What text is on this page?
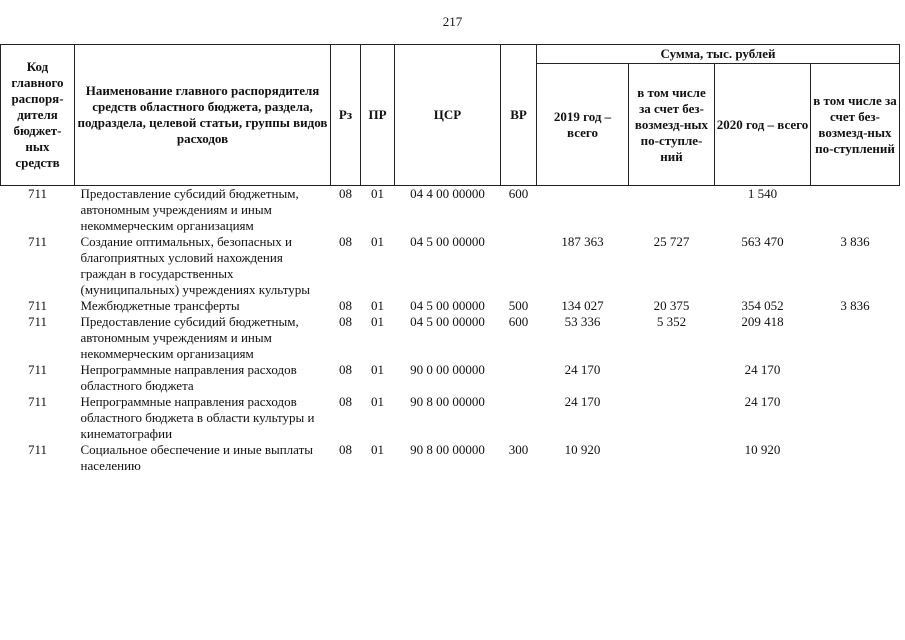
217
Код главного распоря-дителя бюджет-ных средств	Наименование главного распорядителя средств областного бюджета, раздела, подраздела, целевой статьи, группы видов расходов	Рз	ПР	ЦСР	ВР	Сумма, тыс. рублей			
						2019 год – всего	в том числе за счет без-возмезд-ных по-ступле-ний	2020 год – всего	в том числе за счет без-возмезд-ных по-ступлений
711	Предоставление субсидий бюджетным, автономным учреждениям и иным некоммерческим организациям	08	01	04 4 00 00000	600			1 540	
711	Создание оптимальных, безопасных и благоприятных условий нахождения граждан в государственных (муниципальных) учреждениях культуры	08	01	04 5 00 00000		187 363	25 727	563 470	3 836
711	Межбюджетные трансферты	08	01	04 5 00 00000	500	134 027	20 375	354 052	3 836
711	Предоставление субсидий бюджетным, автономным учреждениям и иным некоммерческим организациям	08	01	04 5 00 00000	600	53 336	5 352	209 418	
711	Непрограммные направления расходов областного бюджета	08	01	90 0 00 00000		24 170		24 170	
711	Непрограммные направления расходов областного бюджета в области культуры и кинематографии	08	01	90 8 00 00000		24 170		24 170	
711	Социальное обеспечение и иные выплаты населению	08	01	90 8 00 00000	300	10 920		10 920	
